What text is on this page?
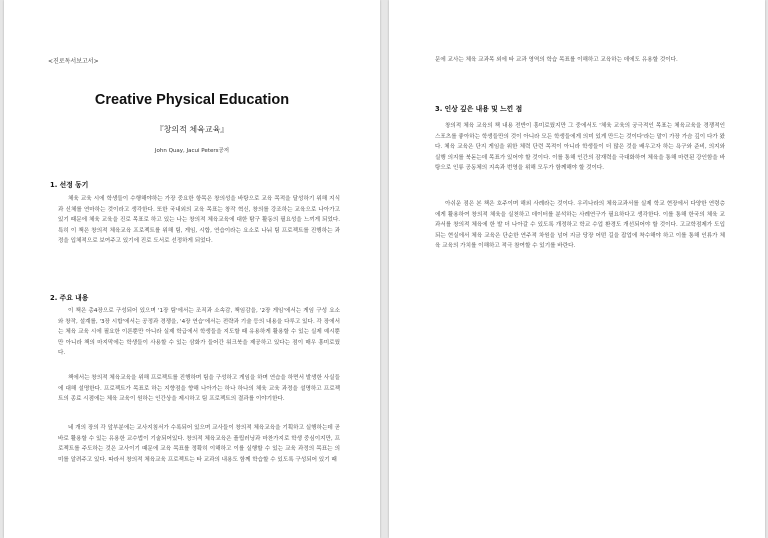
<진로독서보고서>
Creative Physical Education
『창의적 체육교육』
John Quay, Jacui Peters공저
1. 선정 동기

체육 교육 시에 학생들이 수행해야하는 가장 중요한 항목은 창의성을 바탕으로 교육 목적을 달성하기 위해 지식과 신체를 연마하는 것이라고 생각한다. 또한 국내외의 교육 목표는 창작 혁신, 창의를 강조하는 교육으로 나아가고 있기 때문에 체육 교육을 진로 목표로 하고 있는 나는 창의적 체육교육에 대한 탐구 활동의 필요성을 느끼게 되었다. 특히 이 책은 창의적 체육교육 프로젝트를 위해 팀, 게임, 시합, 연습이라는 요소로 나눠 팀 프로젝트를 진행하는 과정을 입체적으로 보여주고 있기에 진로 도서로 선정하게 되었다.

2. 주요 내용

이 책은 총4장으로 구성되어 있으며 '1장 팀'에서는 조직과 소속감, 책임감을, '2장 게임'에서는 게임 구성 요소와 창작, 설계를, '3장 시합'에서는 공정과 경쟁을, '4장 연습'에서는 전략과 기술 등의 내용을 다루고 있다. 각 장에서는 체육 교육 시에 필요한 이론뿐만 아니라 실제 학급에서 학생들을 지도할 때 유용하게 활용할 수 있는 실제 예시뿐만 아니라 책의 마지막에는 학생들이 사용할 수 있는 삼화가 들어간 워크북을 제공하고 있다는 점이 매우 흥미로웠다.

책에서는 창의적 체육교육을 위해 프로젝트를 진행하며 팀을 구성하고 게임을 하며 연습을 하면서 발생한 사실들에 대해 설명한다. 프로젝트가 목표로 하는 지향점을 향해 나아가는 하나 하나의 체육 교육 과정을 설명하고 프로젝트의 종료 시점에는 체육 교육이 원하는 인간상을 제시하고 팀 프로젝트의 결과를 이야기한다.

네 개의 장의 각 앞부분에는 교사지침서가 수록되어 있으며 교사들이 창의적 체육교육을 기획하고 실행하는데 곧 바로 활용할 수 있는 유용한 교수법이 기술되어있다. 창의적 체육교육은 플립러닝과 마찬가지로 학생 중심이지만, 프로젝트를 주도하는 것은 교사이기 때문에 교육 목표를 정확히 이해하고 이를 실행할 수 있는 교육 과정의 목표는 의미를 알려주고 있다. 따라서 창의적 체육교육 프로젝트는 타 교과의 내용도 함께 학습할 수 있도록 구성되어 있기 때

문에 교사는 체육 교과목 외에 타 교과 영역의 학습 목표를 이해하고 교육하는 데에도 유용할 것이다.

3. 인상 깊은 내용 및 느낀 점

창의적 체육 교육의 책 내용 전반이 흥미로웠지만 그 중에서도 '체육 교육의 궁극적인 목표는 체육교육을 경쟁적인 스포츠를 좋아하는 학생들만의 것이 아니라 모든 학생들에게 의미 있게 만드는 것이다'라는 말이 가장 가슴 깊이 다가 왔다. 체육 교육은 단지 게임을 위한 체력 단련 목적이 아니라 학생들이 더 많은 것을 배우고자 하는 욕구와 준비, 의지와 실행 의지를 북돋는데 목표가 있어야 할 것이다. 이를 통해 인간의 잠재력을 극대화하여 체육을 통해 마련된 강인함을 바탕으로 인류 공동체의 지속과 번영을 위해 모두가 함께해야 할 것이다.

아쉬운 점은 본 책은 호주이며 해외 사례라는 것이다. 우리나라의 체육교과서를 실제 학교 현장에서 다양한 연령층에게 활용하여 창의적 체육을 실천하고 데이터를 분석하는 사례연구가 필요하다고 생각한다. 이를 통해 한국의 체육 교과서를 창의적 체육에 한 발 더 나아갈 수 있도록 개정하고 학교 수업 환경도 개선되어야 할 것이다. 고교학점제가 도입되는 현실에서 체육 교육은 단순한 연주적 차원을 넘어 지금 당장 어떤 길을 잡업에 착수해야 하고 이를 통해 인류가 체육 교육의 가치를 이해하고 적극 참여할 수 있기를 바란다.
